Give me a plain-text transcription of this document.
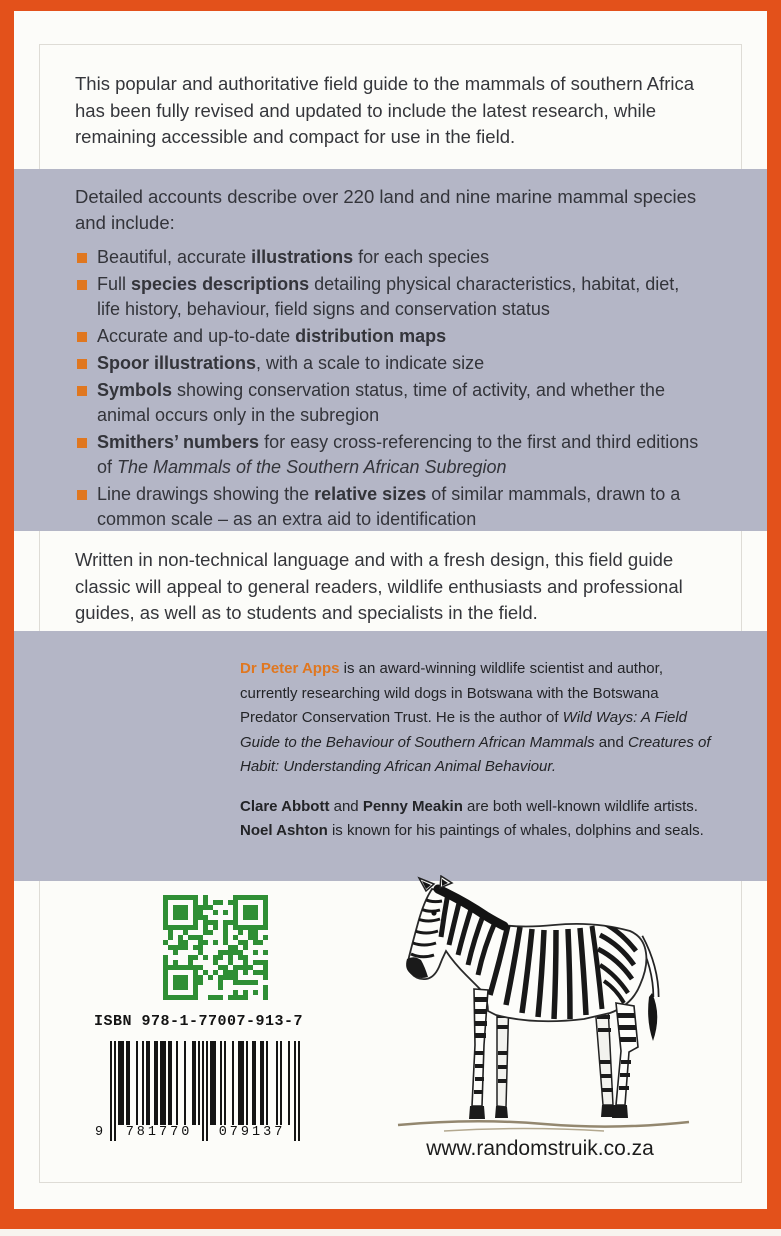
This popular and authoritative field guide to the mammals of southern Africa has been fully revised and updated to include the latest research, while remaining accessible and compact for use in the field.

Detailed accounts describe over 220 land and nine marine mammal species and include:

Beautiful, accurate illustrations for each species
Full species descriptions detailing physical characteristics, habitat, diet, life history, behaviour, field signs and conservation status
Accurate and up-to-date distribution maps
Spoor illustrations, with a scale to indicate size
Symbols showing conservation status, time of activity, and whether the animal occurs only in the subregion
Smithers’ numbers for easy cross-referencing to the first and third editions of The Mammals of the Southern African Subregion
Line drawings showing the relative sizes of similar mammals, drawn to a common scale – as an extra aid to identification

Written in non-technical language and with a fresh design, this field guide classic will appeal to general readers, wildlife enthusiasts and professional guides, as well as to students and specialists in the field.

Dr Peter Apps is an award-winning wildlife scientist and author, currently researching wild dogs in Botswana with the Botswana Predator Conservation Trust. He is the author of Wild Ways: A Field Guide to the Behaviour of Southern African Mammals and Creatures of Habit: Understanding African Animal Behaviour.

Clare Abbott and Penny Meakin are both well-known wildlife artists. Noel Ashton is known for his paintings of whales, dolphins and seals.

ISBN 978-1-77007-913-7
9	781770	079137
www.randomstruik.co.za
